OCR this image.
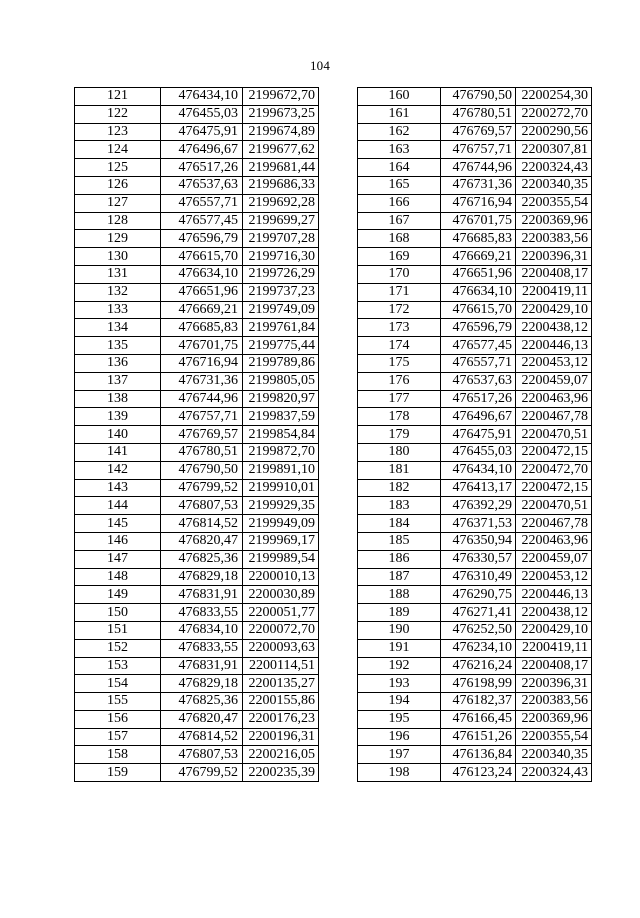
104
121	476434,10	2199672,70
122	476455,03	2199673,25
123	476475,91	2199674,89
124	476496,67	2199677,62
125	476517,26	2199681,44
126	476537,63	2199686,33
127	476557,71	2199692,28
128	476577,45	2199699,27
129	476596,79	2199707,28
130	476615,70	2199716,30
131	476634,10	2199726,29
132	476651,96	2199737,23
133	476669,21	2199749,09
134	476685,83	2199761,84
135	476701,75	2199775,44
136	476716,94	2199789,86
137	476731,36	2199805,05
138	476744,96	2199820,97
139	476757,71	2199837,59
140	476769,57	2199854,84
141	476780,51	2199872,70
142	476790,50	2199891,10
143	476799,52	2199910,01
144	476807,53	2199929,35
145	476814,52	2199949,09
146	476820,47	2199969,17
147	476825,36	2199989,54
148	476829,18	2200010,13
149	476831,91	2200030,89
150	476833,55	2200051,77
151	476834,10	2200072,70
152	476833,55	2200093,63
153	476831,91	2200114,51
154	476829,18	2200135,27
155	476825,36	2200155,86
156	476820,47	2200176,23
157	476814,52	2200196,31
158	476807,53	2200216,05
159	476799,52	2200235,39
160	476790,50	2200254,30
161	476780,51	2200272,70
162	476769,57	2200290,56
163	476757,71	2200307,81
164	476744,96	2200324,43
165	476731,36	2200340,35
166	476716,94	2200355,54
167	476701,75	2200369,96
168	476685,83	2200383,56
169	476669,21	2200396,31
170	476651,96	2200408,17
171	476634,10	2200419,11
172	476615,70	2200429,10
173	476596,79	2200438,12
174	476577,45	2200446,13
175	476557,71	2200453,12
176	476537,63	2200459,07
177	476517,26	2200463,96
178	476496,67	2200467,78
179	476475,91	2200470,51
180	476455,03	2200472,15
181	476434,10	2200472,70
182	476413,17	2200472,15
183	476392,29	2200470,51
184	476371,53	2200467,78
185	476350,94	2200463,96
186	476330,57	2200459,07
187	476310,49	2200453,12
188	476290,75	2200446,13
189	476271,41	2200438,12
190	476252,50	2200429,10
191	476234,10	2200419,11
192	476216,24	2200408,17
193	476198,99	2200396,31
194	476182,37	2200383,56
195	476166,45	2200369,96
196	476151,26	2200355,54
197	476136,84	2200340,35
198	476123,24	2200324,43
